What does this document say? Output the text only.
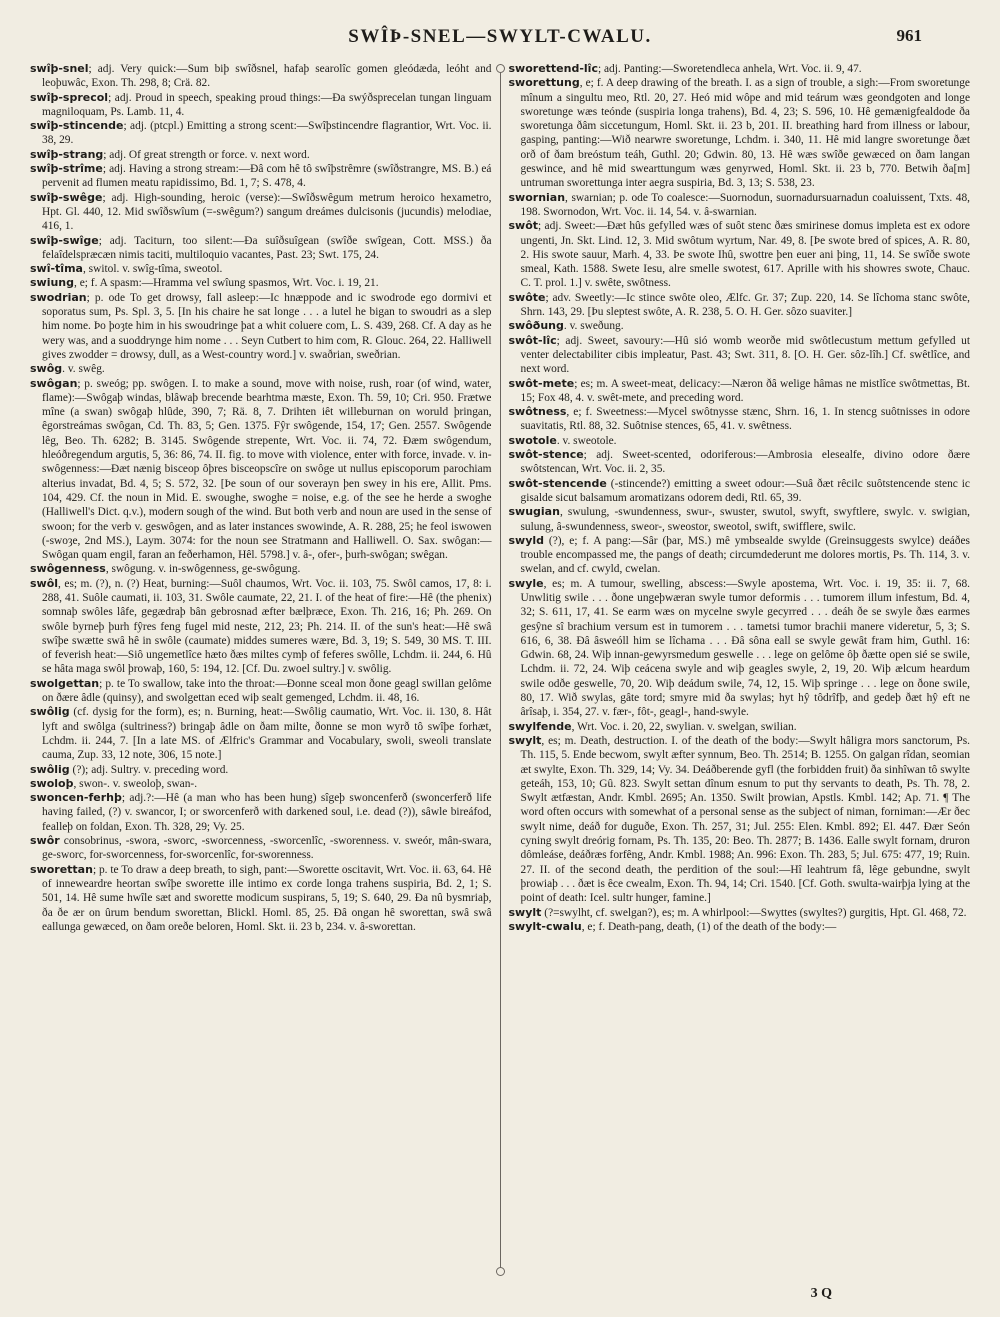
SWÎÞ-SNEL—SWYLT-CWALU.	961

swîþ-snel; adj. Very quick:—Sum biþ swîðsnel, hafaþ searolîc gomen gleódæda, leóht and leoþuwâc, Exon. Th. 298, 8; Crä. 82.

swîþ-sprecol; adj. Proud in speech, speaking proud things:—Ða swýðsprecelan tungan linguam magniloquam, Ps. Lamb. 11, 4.

swîþ-stincende; adj. (ptcpl.) Emitting a strong scent:—Swîþstincendre flagrantior, Wrt. Voc. ii. 38, 29.

swîþ-strang; adj. Of great strength or force. v. next word.

swîþ-strîme; adj. Having a strong stream:—Ðâ com hê tô swîþstrêmre (swîðstrangre, MS. B.) eá pervenit ad flumen meatu rapidissimo, Bd. 1, 7; S. 478, 4.

swîþ-swêge; adj. High-sounding, heroic (verse):—Swîðswêgum metrum heroico hexametro, Hpt. Gl. 440, 12. Mid swîðswîum (=-swêgum?) sangum dreámes dulcisonis (jucundis) melodiae, 416, 1.

swîþ-swîge; adj. Taciturn, too silent:—Ða suîðsuîgean (swîðe swîgean, Cott. MSS.) ða felaîdelspræcæn nimis taciti, multiloquio vacantes, Past. 23; Swt. 175, 24.

swî-tîma, switol. v. swîg-tîma, sweotol.

swiung, e; f. A spasm:—Hramma vel swîung spasmos, Wrt. Voc. i. 19, 21.

swodrian; p. ode To get drowsy, fall asleep:—Ic hnæppode and ic swodrode ego dormivi et soporatus sum, Ps. Spl. 3, 5. [In his chaire he sat longe . . . a lutel he bigan to swoudri as a slep him nome. Þo þoȝte him in his swoudringe þat a whit coluere com, L. S. 439, 268. Cf. A day as he wery was, and a suoddrynge him nome . . . Seyn Cutbert to him com, R. Glouc. 264, 22. Halliwell gives zwodder = drowsy, dull, as a West-country word.] v. swaðrian, sweðrian.

swôg. v. swêg.

swôgan; p. sweóg; pp. swôgen. I. to make a sound, move with noise, rush, roar (of wind, water, flame):—Swôgaþ windas, blâwaþ brecende bearhtma mæste, Exon. Th. 59, 10; Cri. 950. Frætwe mîne (a swan) swôgaþ hlûde, 390, 7; Rä. 8, 7. Drihten iêt willeburnan on woruld þringan, êgorstreámas swôgan, Cd. Th. 83, 5; Gen. 1375. Fŷr swôgende, 154, 17; Gen. 2557. Swôgende lêg, Beo. Th. 6282; B. 3145. Swôgende strepente, Wrt. Voc. ii. 74, 72. Ðæm swôgendum, hleóðregendum argutis, 5, 36: 86, 74. II. fig. to move with violence, enter with force, invade. v. in-swôgenness:—Ðæt nænig bisceop ôþres bisceopscîre on swôge ut nullus episcoporum parochiam alterius invadat, Bd. 4, 5; S. 572, 32. [Þe soun of our soverayn þen swey in his ere, Allit. Pms. 104, 429. Cf. the noun in Mid. E. swoughe, swoghe = noise, e.g. of the see he herde a swoghe (Halliwell's Dict. q.v.), modern sough of the wind. But both verb and noun are used in the sense of swoon; for the verb v. geswôgen, and as later instances swowinde, A. R. 288, 25; he feol iswowen (-swoȝe, 2nd MS.), Laym. 3074: for the noun see Stratmann and Halliwell. O. Sax. swôgan:—Swôgan quam engil, faran an feðerhamon, Hêl. 5798.] v. â-, ofer-, þurh-swôgan; swêgan.

swôgenness, swôgung. v. in-swôgenness, ge-swôgung.

swôl, es; m. (?), n. (?) Heat, burning:—Suôl chaumos, Wrt. Voc. ii. 103, 75. Swôl camos, 17, 8: i. 288, 41. Suôle caumati, ii. 103, 31. Swôle caumate, 22, 21. I. of the heat of fire:—Hê (the phenix) somnaþ swôles lâfe, gegædraþ bân gebrosnad æfter bælþræce, Exon. Th. 216, 16; Ph. 269. On swôle byrneþ þurh fŷres feng fugel mid neste, 212, 23; Ph. 214. II. of the sun's heat:—Hê swâ swîþe swætte swâ hê in swôle (caumate) middes sumeres wære, Bd. 3, 19; S. 549, 30 MS. T. III. of feverish heat:—Siô ungemetlîce hæto ðæs miltes cymþ of feferes swôlle, Lchdm. ii. 244, 6. Hû se hâta maga swôl þrowaþ, 160, 5: 194, 12. [Cf. Du. zwoel sultry.] v. swôlig.

swolgettan; p. te To swallow, take into the throat:—Ðonne sceal mon ðone geagl swillan gelôme on ðære âdle (quinsy), and swolgettan eced wiþ sealt gemenged, Lchdm. ii. 48, 16.

swôlig (cf. dysig for the form), es; n. Burning, heat:—Swôlig caumatio, Wrt. Voc. ii. 130, 8. Hât lyft and swôlga (sultriness?) bringaþ âdle on ðam milte, ðonne se mon wyrð tô swîþe forhæt, Lchdm. ii. 244, 7. [In a late MS. of Ælfric's Grammar and Vocabulary, swoli, sweoli translate cauma, Zup. 33, 12 note, 306, 15 note.]

swôlig (?); adj. Sultry. v. preceding word.

swoloþ, swon-. v. sweoloþ, swan-.

swoncen-ferhþ; adj.?:—Hê (a man who has been hung) sîgeþ swoncenferð (swoncerferð life having failed, (?) v. swancor, I; or sworcenferð with darkened soul, i.e. dead (?)), sâwle bireáfod, fealleþ on foldan, Exon. Th. 328, 29; Vy. 25.

swôr consobrinus, -swora, -sworc, -sworcenness, -sworcenlîc, -sworenness. v. sweór, mân-swara, ge-sworc, for-sworcenness, for-sworcenlîc, for-sworenness.

sworettan; p. te To draw a deep breath, to sigh, pant:—Sworette oscitavit, Wrt. Voc. ii. 63, 64. Hê of inneweardre heortan swîþe sworette ille intimo ex corde longa trahens suspiria, Bd. 2, 1; S. 501, 14. Hê sume hwîle sæt and sworette modicum suspirans, 5, 19; S. 640, 29. Ða nû bysmriaþ, ða ðe ær on ûrum bendum sworettan, Blickl. Homl. 85, 25. Ðâ ongan hê sworettan, swâ swâ eallunga gewæced, on ðam oreðe beloren, Homl. Skt. ii. 23 b, 234. v. â-sworettan.

sworettend-lîc; adj. Panting:—Sworetendleca anhela, Wrt. Voc. ii. 9, 47.

sworettung, e; f. A deep drawing of the breath. I. as a sign of trouble, a sigh:—From sworetunge mînum a singultu meo, Rtl. 20, 27. Heó mid wôpe and mid teárum wæs geondgoten and longe sworetunge wæs teónde (suspiria longa trahens), Bd. 4, 23; S. 596, 10. Hê gemænigfealdode ða sworetunga ðâm siccetungum, Homl. Skt. ii. 23 b, 201. II. breathing hard from illness or labour, gasping, panting:—Wið nearwre sworetunge, Lchdm. i. 340, 11. Hê mid langre sworetunge ðæt orð of ðam breóstum teáh, Guthl. 20; Gdwin. 80, 13. Hê wæs swîðe gewæced on ðam langan geswince, and hê mid swearttungum wæs genyrwed, Homl. Skt. ii. 23 b, 770. Betwih ða[m] untruman sworettunga inter aegra suspiria, Bd. 3, 13; S. 538, 23.

swornian, swarnian; p. ode To coalesce:—Suornodun, suornadursuarnadun coaluissent, Txts. 48, 198. Swornodon, Wrt. Voc. ii. 14, 54. v. â-swarnian.

swôt; adj. Sweet:—Ðæt hûs gefylled wæs of suôt stenc ðæs smirinese domus impleta est ex odore ungenti, Jn. Skt. Lind. 12, 3. Mid swôtum wyrtum, Nar. 49, 8. [Þe swote bred of spices, A. R. 80, 2. His swote sauur, Marh. 4, 33. Þe swote Ihû, swottre þen euer ani þing, 11, 14. Se swîðe swote smeal, Kath. 1588. Swete Iesu, alre smelle swotest, 617. Aprille with his showres swote, Chauc. C. T. prol. 1.] v. swête, swôtness.

swôte; adv. Sweetly:—Ic stince swôte oleo, Ælfc. Gr. 37; Zup. 220, 14. Se lîchoma stanc swôte, Shrn. 143, 29. [Þu sleptest swôte, A. R. 238, 5. O. H. Ger. sôzo suaviter.]

swôðung. v. sweðung.

swôt-lîc; adj. Sweet, savoury:—Hû sió womb weorðe mid swôtlecustum mettum gefylled ut venter delectabiliter cibis impleatur, Past. 43; Swt. 311, 8. [O. H. Ger. sôz-lîh.] Cf. swêtlîce, and next word.

swôt-mete; es; m. A sweet-meat, delicacy:—Næron ðâ welige hâmas ne mistlîce swôtmettas, Bt. 15; Fox 48, 4. v. swêt-mete, and preceding word.

swôtness, e; f. Sweetness:—Mycel swôtnysse stænc, Shrn. 16, 1. In stencg suôtnisses in odore suavitatis, Rtl. 88, 32. Suôtnise stences, 65, 41. v. swêtness.

swotole. v. sweotole.

swôt-stence; adj. Sweet-scented, odoriferous:—Ambrosia elesealfe, divino odore ðære swôtstencan, Wrt. Voc. ii. 2, 35.

swôt-stencende (-stincende?) emitting a sweet odour:—Suâ ðæt rêcilc suôtstencende stenc ic gisalde sicut balsamum aromatizans odorem dedi, Rtl. 65, 39.

swugian, swulung, -swundenness, swur-, swuster, swutol, swyft, swyftlere, swylc. v. swigian, sulung, â-swundenness, sweor-, sweostor, sweotol, swift, swifflere, swilc.

swyld (?), e; f. A pang:—Sâr (þar, MS.) mê ymbsealde swylde (Greinsuggests swylce) deáðes trouble encompassed me, the pangs of death; circumdederunt me dolores mortis, Ps. Th. 114, 3. v. swelan, and cf. cwyld, cwelan.

swyle, es; m. A tumour, swelling, abscess:—Swyle apostema, Wrt. Voc. i. 19, 35: ii. 7, 68. Unwlitig swile . . . ðone ungeþwæran swyle tumor deformis . . . tumorem illum infestum, Bd. 4, 32; S. 611, 17, 41. Se earm wæs on mycelne swyle gecyrred . . . deáh ðe se swyle ðæs earmes gesŷne sî brachium versum est in tumorem . . . tametsi tumor brachii manere videretur, 5, 3; S. 616, 6, 38. Ðâ âsweóll him se lîchama . . . Ðâ sôna eall se swyle gewât fram him, Guthl. 16: Gdwin. 68, 24. Wiþ innan-gewyrsmedum geswelle . . . lege on gelôme ôþ ðætte open sié se swile, Lchdm. ii. 72, 24. Wiþ ceácena swyle and wiþ geagles swyle, 2, 19, 20. Wiþ ælcum heardum swile odðe geswelle, 70, 20. Wiþ deádum swile, 74, 12, 15. Wiþ springe . . . lege on ðone swile, 80, 17. Wið swylas, gâte tord; smyre mid ða swylas; hyt hŷ tôdrîfþ, and gedeþ ðæt hŷ eft ne ârîsaþ, i. 354, 27. v. fær-, fôt-, geagl-, hand-swyle.

swylfende, Wrt. Voc. i. 20, 22, swylian. v. swelgan, swilian.

swylt, es; m. Death, destruction. I. of the death of the body:—Swylt hâligra mors sanctorum, Ps. Th. 115, 5. Ende becwom, swylt æfter synnum, Beo. Th. 2514; B. 1255. On galgan rîdan, seomian æt swylte, Exon. Th. 329, 14; Vy. 34. Deáðberende gyfl (the forbidden fruit) ða sinhîwan tô swylte geteáh, 153, 10; Gû. 823. Swylt settan dînum esnum to put thy servants to death, Ps. Th. 78, 2. Swylt ætfæstan, Andr. Kmbl. 2695; An. 1350. Swilt þrowian, Apstls. Kmbl. 142; Ap. 71. ¶ The word often occurs with somewhat of a personal sense as the subject of niman, forniman:—Ær ðec swylt nime, deáð for duguðe, Exon. Th. 257, 31; Jul. 255: Elen. Kmbl. 892; El. 447. Ðær Seón cyning swylt dreórig fornam, Ps. Th. 135, 20: Beo. Th. 2877; B. 1436. Ealle swylt fornam, druron dômleáse, deáðræs forfêng, Andr. Kmbl. 1988; An. 996: Exon. Th. 283, 5; Jul. 675: 477, 19; Ruin. 27. II. of the second death, the perdition of the soul:—Hî leahtrum fâ, lêge gebundne, swylt þrowiaþ . . . ðæt is êce cwealm, Exon. Th. 94, 14; Cri. 1540. [Cf. Goth. swulta-wairþja lying at the point of death: Icel. sultr hunger, famine.]

swylt (?=swylht, cf. swelgan?), es; m. A whirlpool:—Swyttes (swyltes?) gurgitis, Hpt. Gl. 468, 72.

swylt-cwalu, e; f. Death-pang, death, (1) of the death of the body:—

3 Q
